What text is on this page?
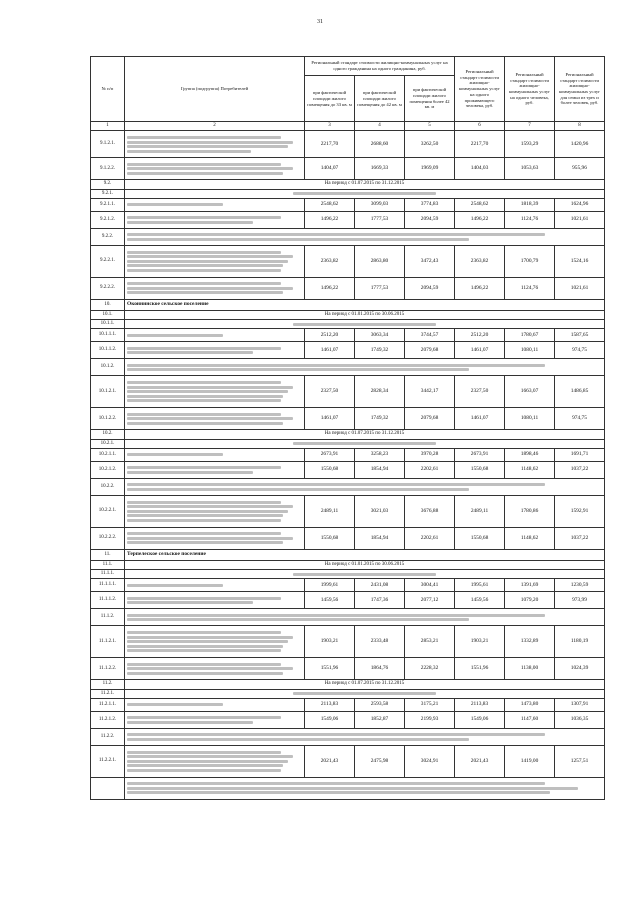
31
№ п/п	Группа (подгруппа) Потребителей	Региональный стандарт стоимости жилищно-коммунальных услуг на одного гражданина на одного гражданина, руб.			Региональный стандарт стоимости жилищно-коммунальных услуг на одного проживающего человека, руб.	Региональный стандарт стоимости жилищно-коммунальных услуг на одного человека, руб.	Региональный стандарт стоимости жилищно-коммунальных услуг для семьи из трех и более человек, руб.
		при фактической площади жилого помещения до 33 кв. м	при фактической площади жилого помещения до 42 кв. м	при фактической площади жилого помещения более 42 кв. м			
1	2	3	4	5	6	7	8
9.1.2.1.		2217,70	2688,60	3262,50	2217,70	1593,29	1420,96
9.1.2.2.		1404,07	1669,33	1969,09	1404,03	1053,63	955,96
9.2.	На период с 01.07.2015 по 31.12.2015						
9.2.1.							

9.2.1.1.		2548,62	3099,03	3774,83	2548,62	1818,39	1624,96
9.2.1.2.		1496,22	1777,53	2094,59	1496,22	1124,76	1021,61
9.2.2.							

9.2.2.1.		2363,82	2863,80	3472,43	2363,82	1700,79	1524,16
9.2.2.2.		1496,22	1777,53	2094,59	1496,22	1124,76	1021,61
10.	Оконнинское сельское поселение						
10.1.	На период с 01.01.2015 по 30.06.2015						
10.1.1.							

10.1.1.1.		2512,20	3063,34	3744,57	2512,20	1780,67	1587,65
10.1.1.2.		1461,07	1749,32	2079,68	1461,07	1080,11	974,75
10.1.2.							

10.1.2.1.		2327,50	2828,34	3442,17	2327,50	1663,07	1486,85
10.1.2.2.		1461,07	1749,32	2079,68	1461,07	1080,11	974,75
10.2.	На период с 01.07.2015 по 31.12.2015						
10.2.1.							

10.2.1.1.		2673,91	3258,23	3970,28	2673,91	1898,46	1691,71
10.2.1.2.		1550,68	1854,94	2202,61	1550,68	1148,62	1037,22
10.2.2.							

10.2.2.1.		2489,11	3021,03	3676,88	2489,11	1780,86	1592,91
10.2.2.2.		1550,68	1854,94	2202,61	1550,68	1148,62	1037,22
11.	Терпелеское сельское поселение						
11.1.	На период с 01.01.2015 по 30.06.2015						
11.1.1.							

11.1.1.1.		1999,61	2431,08	3004,41	1995,61	1391,69	1230,59
11.1.1.2.		1459,56	1747,36	2077,12	1459,56	1079,20	973,99
11.1.2.							

11.1.2.1.		1903,21	2333,48	2853,21	1903,21	1332,89	1180,19
11.1.2.2.		1551,96	1864,76	2228,32	1551,96	1138,00	1024,39
11.2.	На период с 01.07.2015 по 31.12.2015						
11.2.1.							

11.2.1.1.		2113,83	2593,58	3175,21	2113,83	1473,80	1307,91
11.2.1.2.		1549,06	1852,87	2199,93	1549,06	1147,60	1036,35
11.2.2.							

11.2.2.1.		2021,43	2475,98	3024,91	2021,43	1419,00	1257,51
